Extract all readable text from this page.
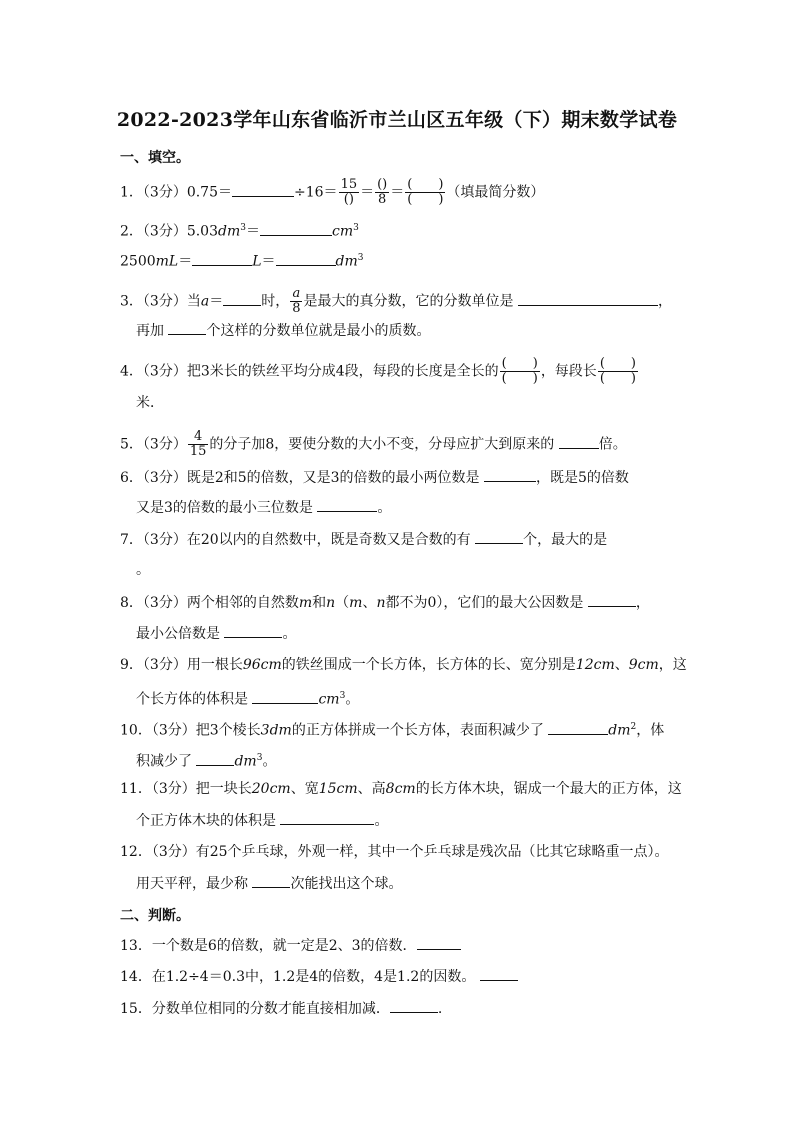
2022-2023学年山东省临沂市兰山区五年级（下）期末数学试卷
一、填空。
1．（3分）0.75＝	$\div 16= \frac{15}{()} = \frac{()}{8} = \frac{( )}{( )}$ （填最简分数）
2．（3分）$5.03dm^3=$	$cm^3$
2500mL＝	L＝	$dm^3$
3．（3分）当a＝	时， $\frac{a}{8}$ 是最大的真分数，它的分数单位是	，
再加	个这样的分数单位就是最小的质数。
4．（3分）把3米长的铁丝平均分成4段，每段的长度是全长的 $\frac{( )}{( )}$ ，每段长 $\frac{( )}{( )}$
米．
5．（3分） $\frac{4}{15}$ 的分子加8，要使分数的大小不变，分母应扩大到原来的	倍。
6．（3分）既是2和5的倍数，又是3的倍数的最小两位数是	，既是5的倍数
又是3的倍数的最小三位数是	。
7．（3分）在20以内的自然数中，既是奇数又是合数的有	个，最大的是
。
8．（3分）两个相邻的自然数m和n（m、n都不为0），它们的最大公因数是	，
最小公倍数是	。
9．（3分）用一根长96cm的铁丝围成一个长方体，长方体的长、宽分别是12cm、9cm，这
个长方体的体积是	$cm^3$。
10．（3分）把3个棱长3dm的正方体拼成一个长方体，表面积减少了	$dm^2$，体
积减少了	$dm^3$。
11．（3分）把一块长20cm、宽15cm、高8cm的长方体木块，锯成一个最大的正方体，这
个正方体木块的体积是	。
12．（3分）有25个乒乓球，外观一样，其中一个乒乓球是残次品（比其它球略重一点）。
用天平秤，最少称	次能找出这个球。
二、判断。
13．一个数是6的倍数，就一定是2、3的倍数．
14．在1.2÷4＝0.3中，1.2是4的倍数，4是1.2的因数。
15．分数单位相同的分数才能直接相加减．	.
